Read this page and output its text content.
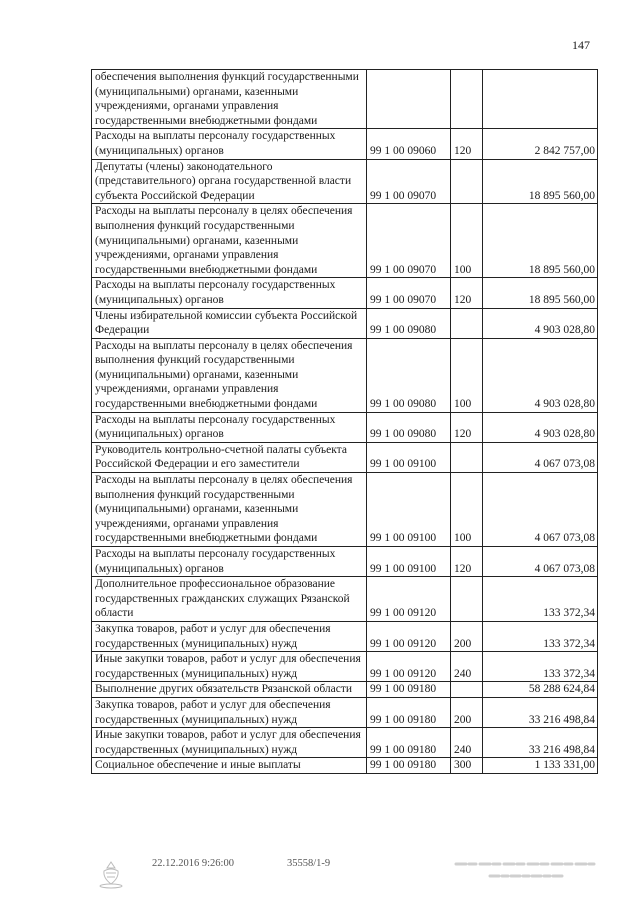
147
обеспечения выполнения функций государственными (муниципальными) органами, казенными учреждениями, органами управления государственными внебюджетными фондами			
Расходы на выплаты персоналу государственных (муниципальных) органов	99 1 00 09060	120	2 842 757,00
Депутаты (члены) законодательного (представительного) органа государственной власти субъекта Российской Федерации	99 1 00 09070		18 895 560,00
Расходы на выплаты персоналу в целях обеспечения выполнения функций государственными (муниципальными) органами, казенными учреждениями, органами управления государственными внебюджетными фондами	99 1 00 09070	100	18 895 560,00
Расходы на выплаты персоналу государственных (муниципальных) органов	99 1 00 09070	120	18 895 560,00
Члены избирательной комиссии субъекта Российской Федерации	99 1 00 09080		4 903 028,80
Расходы на выплаты персоналу в целях обеспечения выполнения функций государственными (муниципальными) органами, казенными учреждениями, органами управления государственными внебюджетными фондами	99 1 00 09080	100	4 903 028,80
Расходы на выплаты персоналу государственных (муниципальных) органов	99 1 00 09080	120	4 903 028,80
Руководитель контрольно-счетной палаты субъекта Российской Федерации и его заместители	99 1 00 09100		4 067 073,08
Расходы на выплаты персоналу в целях обеспечения выполнения функций государственными (муниципальными) органами, казенными учреждениями, органами управления государственными внебюджетными фондами	99 1 00 09100	100	4 067 073,08
Расходы на выплаты персоналу государственных (муниципальных) органов	99 1 00 09100	120	4 067 073,08
Дополнительное профессиональное образование государственных гражданских служащих Рязанской области	99 1 00 09120		133 372,34
Закупка товаров, работ и услуг для обеспечения государственных (муниципальных) нужд	99 1 00 09120	200	133 372,34
Иные закупки товаров, работ и услуг для обеспечения государственных (муниципальных) нужд	99 1 00 09120	240	133 372,34
Выполнение других обязательств Рязанской области	99 1 00 09180		58 288 624,84
Закупка товаров, работ и услуг для обеспечения государственных (муниципальных) нужд	99 1 00 09180	200	33 216 498,84
Иные закупки товаров, работ и услуг для обеспечения государственных (муниципальных) нужд	99 1 00 09180	240	33 216 498,84
Социальное обеспечение и иные выплаты	99 1 00 09180	300	1 133 331,00
22.12.2016 9:26:00	35558/1-9
